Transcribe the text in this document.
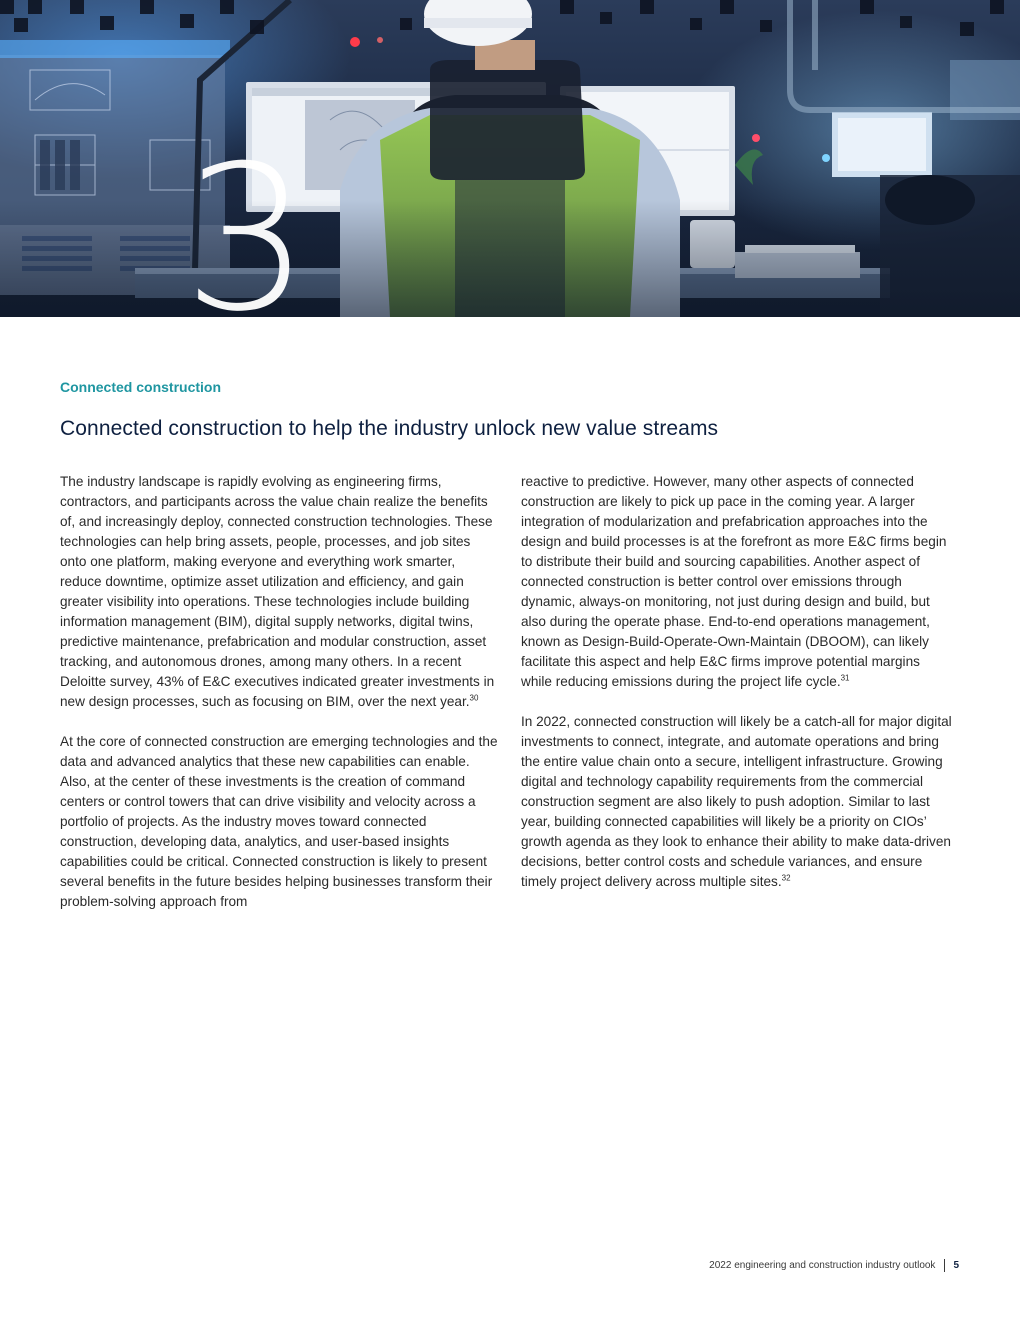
3
Connected construction
Connected construction to help the industry unlock new value streams

The industry landscape is rapidly evolving as engineering firms, contractors, and participants across the value chain realize the benefits of, and increasingly deploy, connected construction technologies. These technologies can help bring assets, people, processes, and job sites onto one platform, making everyone and everything work smarter, reduce downtime, optimize asset utilization and efficiency, and gain greater visibility into operations. These technologies include building information management (BIM), digital supply networks, digital twins, predictive maintenance, prefabrication and modular construction, asset tracking, and autonomous drones, among many others. In a recent Deloitte survey, 43% of E&C executives indicated greater investments in new design processes, such as focusing on BIM, over the next year.$^{30}$

At the core of connected construction are emerging technologies and the data and advanced analytics that these new capabilities can enable. Also, at the center of these investments is the creation of command centers or control towers that can drive visibility and velocity across a portfolio of projects. As the industry moves toward connected construction, developing data, analytics, and user-based insights capabilities could be critical. Connected construction is likely to present several benefits in the future besides helping businesses transform their problem-solving approach from

reactive to predictive. However, many other aspects of connected construction are likely to pick up pace in the coming year. A larger integration of modularization and prefabrication approaches into the design and build processes is at the forefront as more E&C firms begin to distribute their build and sourcing capabilities. Another aspect of connected construction is better control over emissions through dynamic, always-on monitoring, not just during design and build, but also during the operate phase. End-to-end operations management, known as Design-Build-Operate-Own-Maintain (DBOOM), can likely facilitate this aspect and help E&C firms improve potential margins while reducing emissions during the project life cycle.$^{31}$

In 2022, connected construction will likely be a catch-all for major digital investments to connect, integrate, and automate operations and bring the entire value chain onto a secure, intelligent infrastructure. Growing digital and technology capability requirements from the commercial construction segment are also likely to push adoption. Similar to last year, building connected capabilities will likely be a priority on CIOs’ growth agenda as they look to enhance their ability to make data-driven decisions, better control costs and schedule variances, and ensure timely project delivery across multiple sites.$^{32}$

2022 engineering and construction industry outlook 5
